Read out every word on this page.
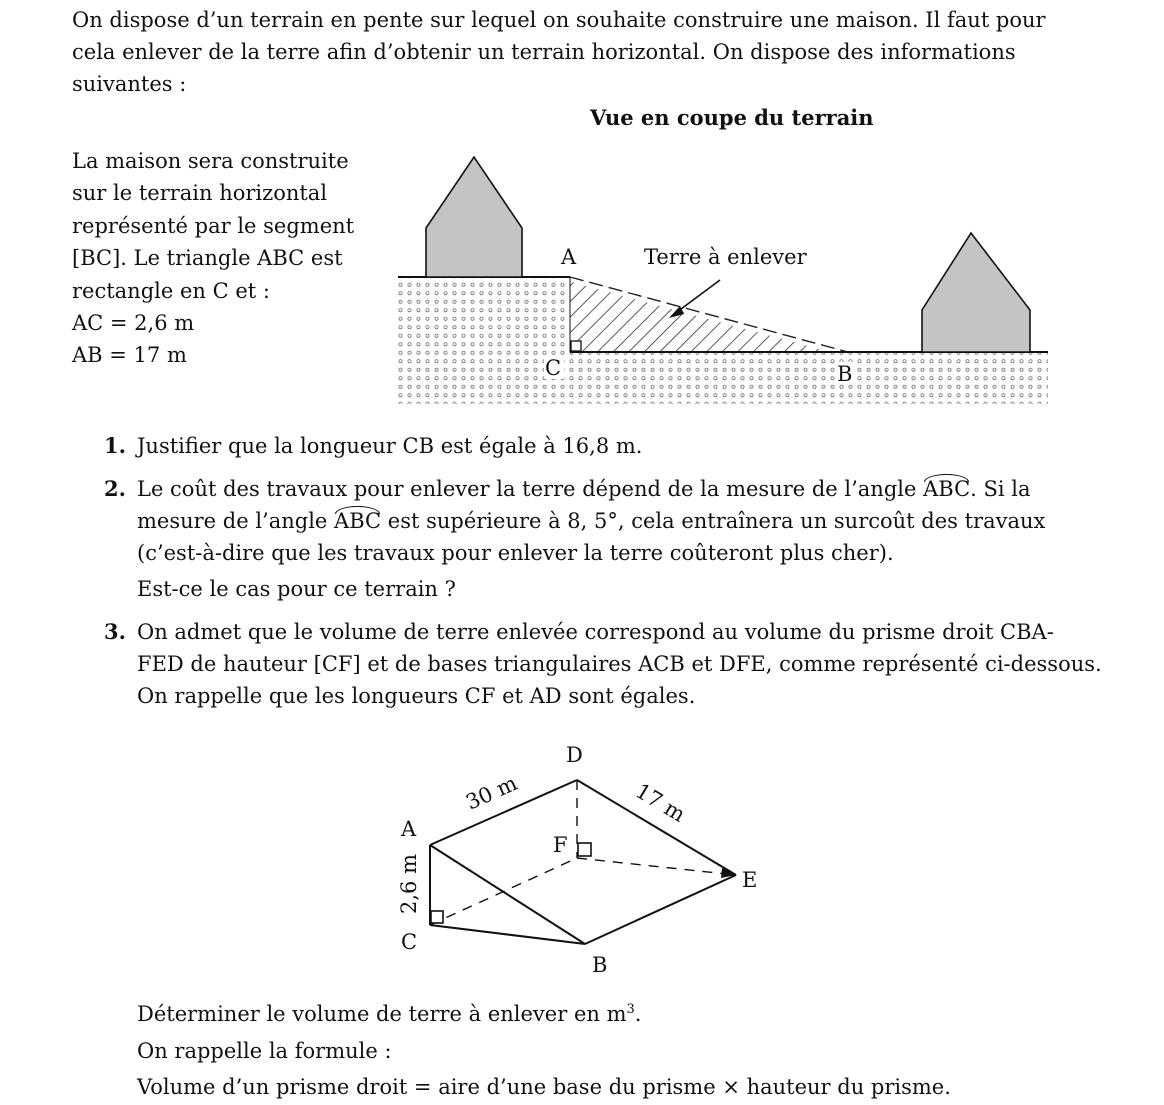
On dispose d’un terrain en pente sur lequel on souhaite construire une maison. Il faut pour
cela enlever de la terre afin d’obtenir un terrain horizontal. On dispose des informations
suivantes :
La maison sera construite
sur le terrain horizontal
représenté par le segment
[BC]. Le triangle ABC est
rectangle en C et :
AC = 2,6 m
AB = 17 m
Vue en coupe du terrain
A	Terre à enlever
C	B
1. Justifier que la longueur CB est égale à 16,8 m.
2. Le coût des travaux pour enlever la terre dépend de la mesure de l’angle ABC. Si la
mesure de l’angle ABC est supérieure à 8, 5°, cela entraînera un surcoût des travaux
(c’est-à-dire que les travaux pour enlever la terre coûteront plus cher).
Est-ce le cas pour ce terrain ?
3. On admet que le volume de terre enlevée correspond au volume du prisme droit CBA-
FED de hauteur [CF] et de bases triangulaires ACB et DFE, comme représenté ci-dessous.
On rappelle que les longueurs CF et AD sont égales.
D
A
F
E
C
B
30 m	17 m
2,6 m
Déterminer le volume de terre à enlever en $m^3$.
On rappelle la formule :
Volume d’un prisme droit = aire d’une base du prisme × hauteur du prisme.
